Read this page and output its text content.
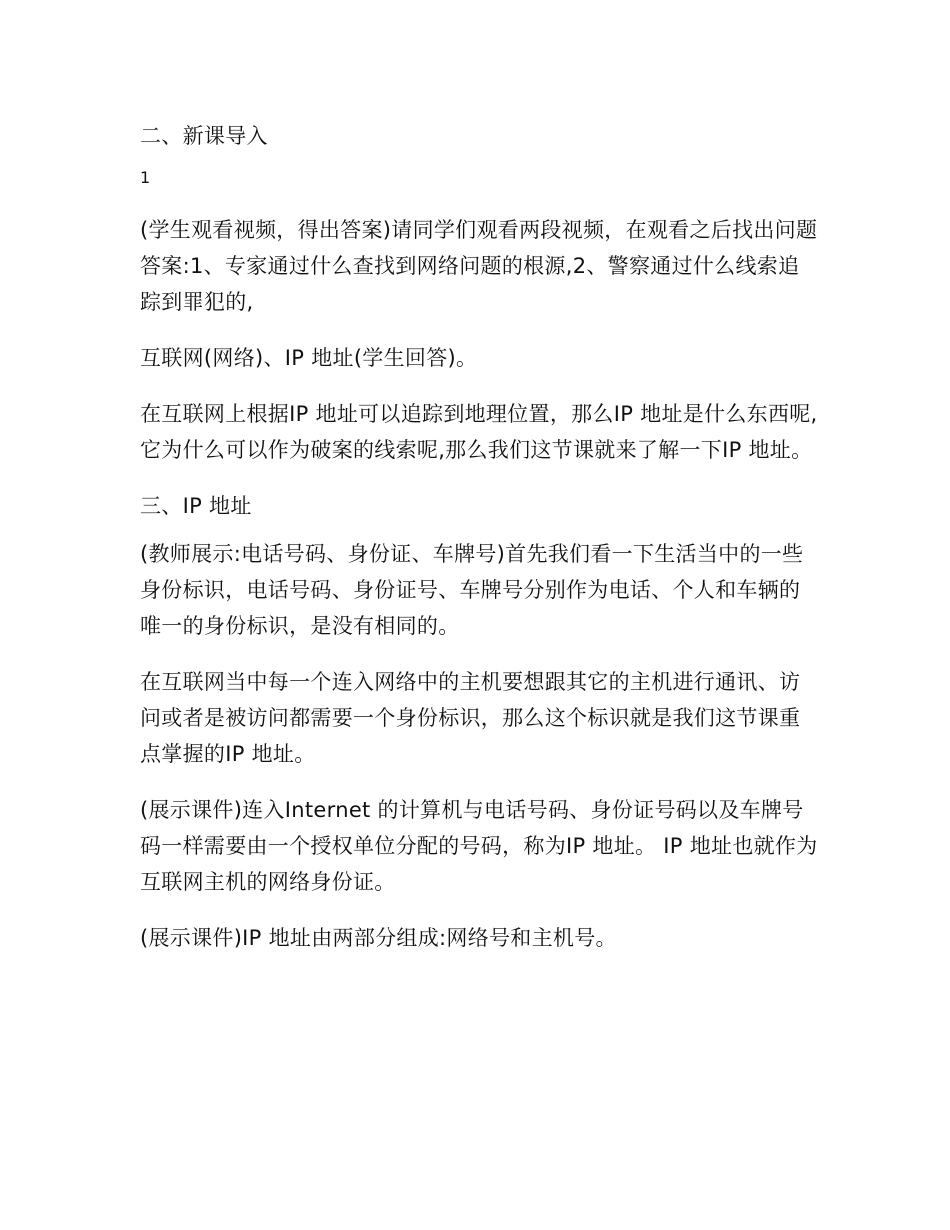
二、新课导入
1
(学生观看视频，得出答案)请同学们观看两段视频，在观看之后找出问题答案:1、专家通过什么查找到网络问题的根源,2、警察通过什么线索追踪到罪犯的,
互联网(网络)、IP 地址(学生回答)。
在互联网上根据IP 地址可以追踪到地理位置，那么IP 地址是什么东西呢,它为什么可以作为破案的线索呢,那么我们这节课就来了解一下IP 地址。
三、IP 地址
(教师展示:电话号码、身份证、车牌号)首先我们看一下生活当中的一些身份标识，电话号码、身份证号、车牌号分别作为电话、个人和车辆的唯一的身份标识，是没有相同的。
在互联网当中每一个连入网络中的主机要想跟其它的主机进行通讯、访问或者是被访问都需要一个身份标识，那么这个标识就是我们这节课重点掌握的IP 地址。
(展示课件)连入Internet 的计算机与电话号码、身份证号码以及车牌号码一样需要由一个授权单位分配的号码，称为IP 地址。 IP 地址也就作为互联网主机的网络身份证。
(展示课件)IP 地址由两部分组成:网络号和主机号。
